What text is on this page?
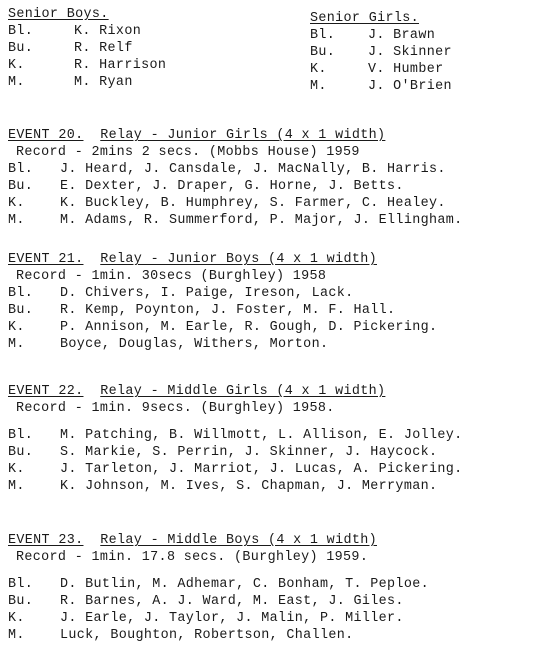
Senior Boys.
Bl.	K. Rixon
Bu.	R. Relf
K.	R. Harrison
M.	M. Ryan
Senior Girls.
Bl.	J. Brawn
Bu.	J. Skinner
K.	V. Humber
M.	J. O'Brien
EVENT 20. Relay - Junior Girls (4 x 1 width)
Record - 2mins 2 secs. (Mobbs House) 1959
Bl.	J. Heard, J. Cansdale, J. MacNally, B. Harris.
Bu.	E. Dexter, J. Draper, G. Horne, J. Betts.
K.	K. Buckley, B. Humphrey, S. Farmer, C. Healey.
M.	M. Adams, R. Summerford, P. Major, J. Ellingham.
EVENT 21. Relay - Junior Boys (4 x 1 width)
Record - 1min. 30secs (Burghley) 1958
Bl.	D. Chivers, I. Paige, Ireson, Lack.
Bu.	R. Kemp, Poynton, J. Foster, M. F. Hall.
K.	P. Annison, M. Earle, R. Gough, D. Pickering.
M.	Boyce, Douglas, Withers, Morton.
EVENT 22. Relay - Middle Girls (4 x 1 width)
Record - 1min. 9secs. (Burghley) 1958.
Bl.	M. Patching, B. Willmott, L. Allison, E. Jolley.
Bu.	S. Markie, S. Perrin, J. Skinner, J. Haycock.
K.	J. Tarleton, J. Marriot, J. Lucas, A. Pickering.
M.	K. Johnson, M. Ives, S. Chapman, J. Merryman.
EVENT 23. Relay - Middle Boys (4 x 1 width)
Record - 1min. 17.8 secs. (Burghley) 1959.
Bl.	D. Butlin, M. Adhemar, C. Bonham, T. Peploe.
Bu.	R. Barnes, A. J. Ward, M. East, J. Giles.
K.	J. Earle, J. Taylor, J. Malin, P. Miller.
M.	Luck, Boughton, Robertson, Challen.
